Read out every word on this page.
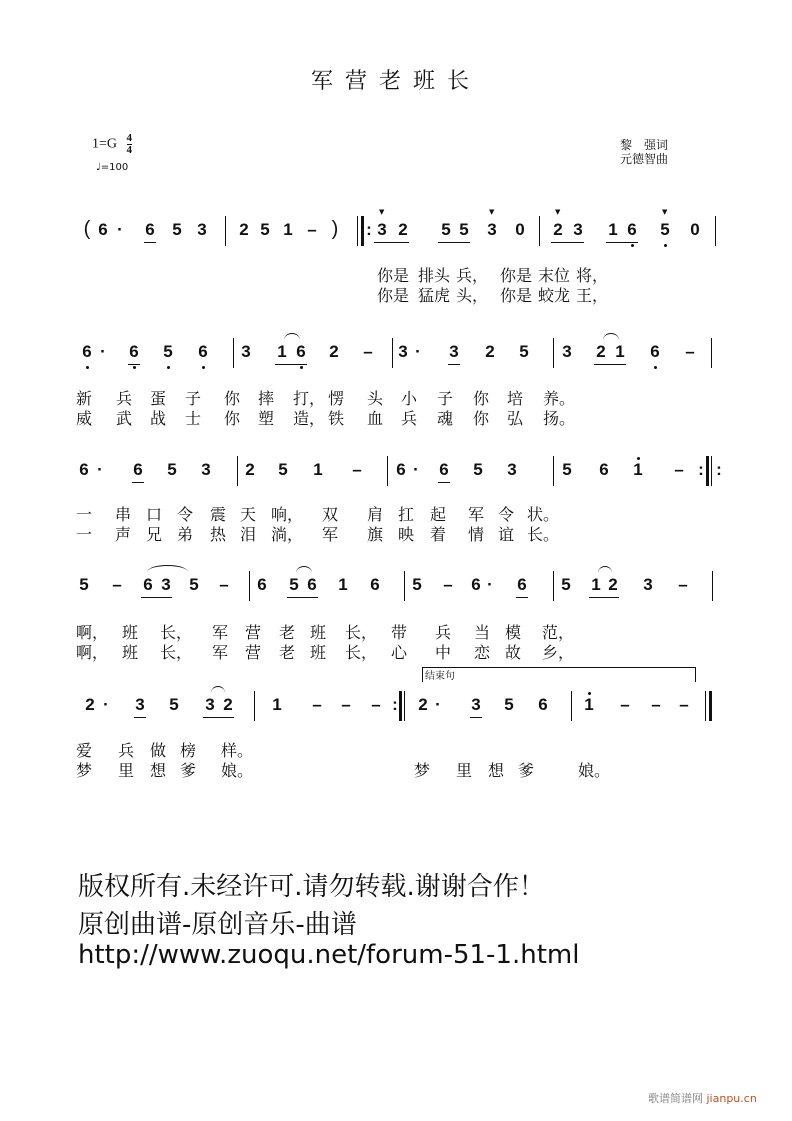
军营老班长
$1=G \frac{4}{4}$
♩=100
黎　强词
元德智曲
( 6 · 6 5 3 2 5 1 – ) : 3
▼
2 5 5 3
▼
0 2
▼
3 1 6 5
▼
0
你 是 排 头 兵， 你 是 末 位 将，
你 是 猛 虎 头， 你 是 蛟 龙 王，
6 · 6 5 6 3 1 6 2 – 3 · 3 2 5 3 2 1 6 –
新 兵 蛋 子 你 摔 打， 愣 头 小 子 你 培 养。
威 武 战 士 你 塑 造， 铁 血 兵 魂 你 弘 扬。
6 · 6 5 3 2 5 1 – 6 · 6 5 3	5 6 1 – : :
一 串 口 令 震 天 响， 双 肩 扛 起 军 令 状。
一 声 兄 弟 热 泪 淌， 军 旗 映 着 情 谊 长。
5 – 6 3 5 – 6 5 6 1 6 5 – 6 · 6 5 1 2 3 –
啊， 班 长， 军 营 老 班 长， 带 兵 当 模 范，
啊， 班 长， 军 营 老 班 长， 心 中 恋 故 乡，
结束句
2 · 3 5 3 2 1 – – – : 2 · 3 5 6 1 – – –
爱 兵 做 榜 样。
梦 里 想 爹 娘。	梦 里 想 爹	娘。
版权所有.未经许可.请勿转载.谢谢合作！
原创曲谱-原创音乐-曲谱
http://www.zuoqu.net/forum-51-1.html
歌谱简谱网 jianpu.cn
